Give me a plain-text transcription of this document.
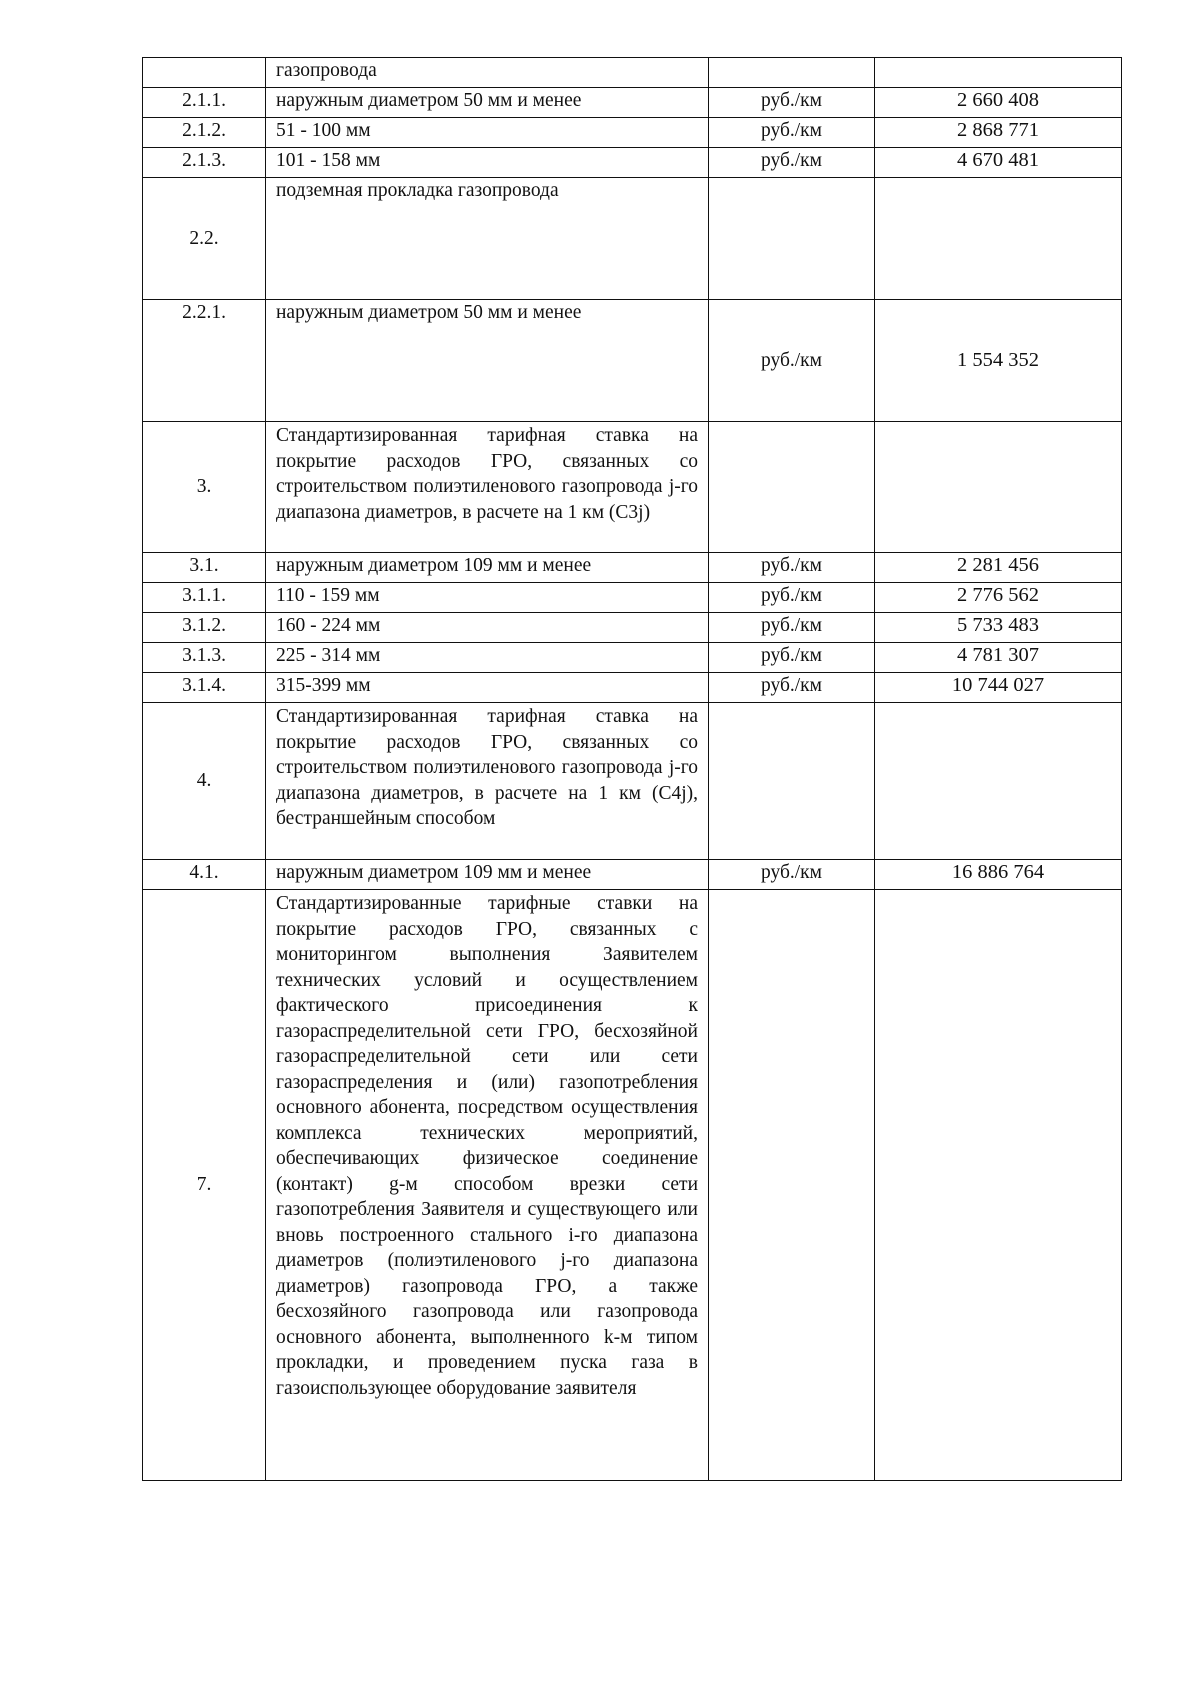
	газопровода		
2.1.1.	наружным диаметром 50 мм и менее	руб./км	2 660 408
2.1.2.	51 - 100 мм	руб./км	2 868 771
2.1.3.	101 - 158 мм	руб./км	4 670 481
2.2.	подземная прокладка газопровода		
2.2.1.	наружным диаметром 50 мм и менее	руб./км	1 554 352
3.	Стандартизированная тарифная ставка на покрытие расходов ГРО, связанных со строительством полиэтиленового газопровода j-го диапазона диаметров, в расчете на 1 км (С3j)		
3.1.	наружным диаметром 109 мм и менее	руб./км	2 281 456
3.1.1.	110 - 159 мм	руб./км	2 776 562
3.1.2.	160 - 224 мм	руб./км	5 733 483
3.1.3.	225 - 314 мм	руб./км	4 781 307
3.1.4.	315-399 мм	руб./км	10 744 027
4.	Стандартизированная тарифная ставка на покрытие расходов ГРО, связанных со строительством полиэтиленового газопровода j-го диапазона диаметров, в расчете на 1 км (С4j), бестраншейным способом		
4.1.	наружным диаметром 109 мм и менее	руб./км	16 886 764
7.	Стандартизированные тарифные ставки на покрытие расходов ГРО, связанных с мониторингом выполнения Заявителем технических условий и осуществлением фактического присоединения к газораспределительной сети ГРО, бесхозяйной газораспределительной сети или сети газораспределения и (или) газопотребления основного абонента, посредством осуществления комплекса технических мероприятий, обеспечивающих физическое соединение (контакт) g-м способом врезки сети газопотребления Заявителя и существующего или вновь построенного стального i-го диапазона диаметров (полиэтиленового j-го диапазона диаметров) газопровода ГРО, а также бесхозяйного газопровода или газопровода основного абонента, выполненного k-м типом прокладки, и проведением пуска газа в газоиспользующее оборудование заявителя		
